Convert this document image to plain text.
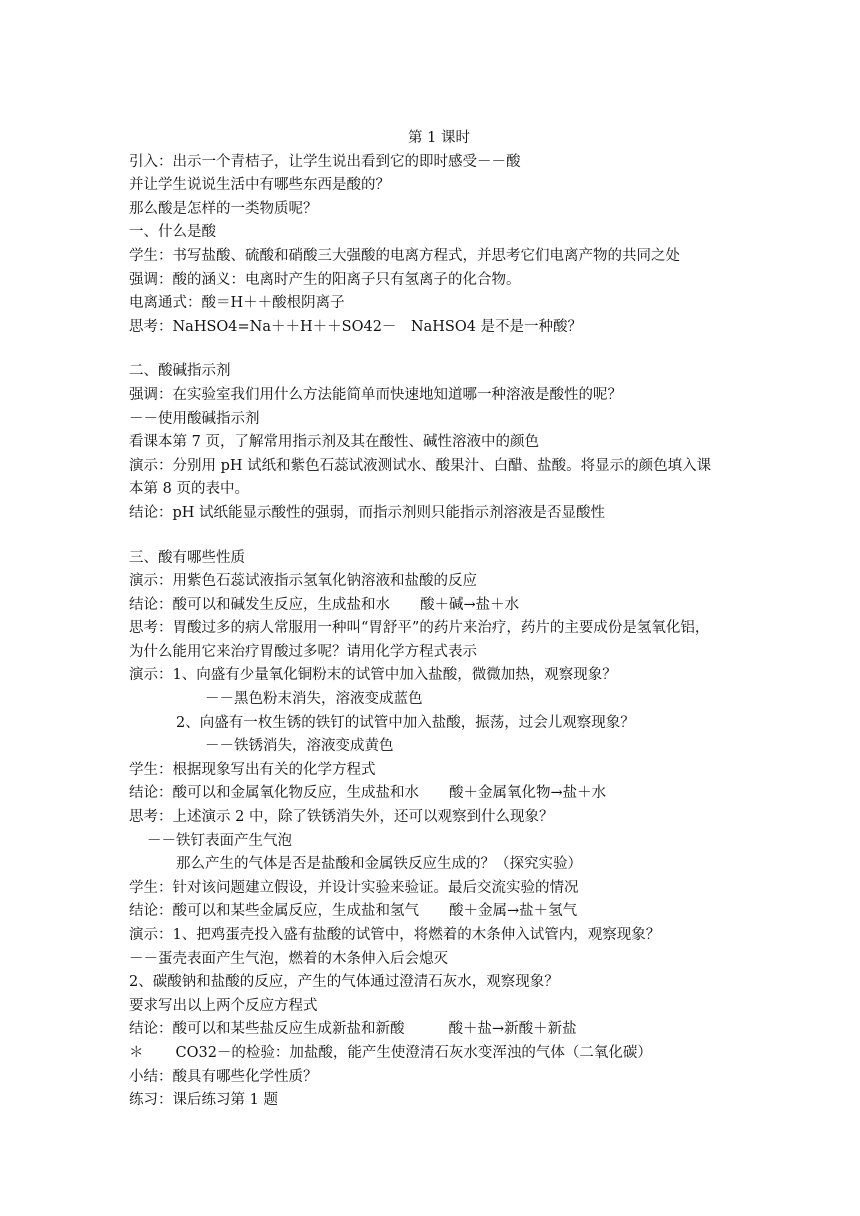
第 1 课时
引入：出示一个青桔子，让学生说出看到它的即时感受－－酸
并让学生说说生活中有哪些东西是酸的？
那么酸是怎样的一类物质呢？
一、什么是酸
学生：书写盐酸、硫酸和硝酸三大强酸的电离方程式，并思考它们电离产物的共同之处
强调：酸的涵义：电离时产生的阳离子只有氢离子的化合物。
电离通式：酸＝H＋＋酸根阴离子
思考：NaHSO4=Na＋＋H＋＋SO42－　NaHSO4 是不是一种酸？
二、酸碱指示剂
强调：在实验室我们用什么方法能简单而快速地知道哪一种溶液是酸性的呢？
－－使用酸碱指示剂
看课本第 7 页，了解常用指示剂及其在酸性、碱性溶液中的颜色
演示：分别用 pH 试纸和紫色石蕊试液测试水、酸果汁、白醋、盐酸。将显示的颜色填入课
本第 8 页的表中。
结论：pH 试纸能显示酸性的强弱，而指示剂则只能指示剂溶液是否显酸性
三、酸有哪些性质
演示：用紫色石蕊试液指示氢氧化钠溶液和盐酸的反应
结论：酸可以和碱发生反应，生成盐和水 酸＋碱→盐＋水
思考：胃酸过多的病人常服用一种叫“胃舒平”的药片来治疗，药片的主要成份是氢氧化铝，
为什么能用它来治疗胃酸过多呢？请用化学方程式表示
演示：1、向盛有少量氧化铜粉末的试管中加入盐酸，微微加热，观察现象？
－－黑色粉末消失，溶液变成蓝色
2、向盛有一枚生锈的铁钉的试管中加入盐酸，振荡，过会儿观察现象？
－－铁锈消失，溶液变成黄色
学生：根据现象写出有关的化学方程式
结论：酸可以和金属氧化物反应，生成盐和水 酸＋金属氧化物→盐＋水
思考：上述演示 2 中，除了铁锈消失外，还可以观察到什么现象？
－－铁钉表面产生气泡
那么产生的气体是否是盐酸和金属铁反应生成的？（探究实验）
学生：针对该问题建立假设，并设计实验来验证。最后交流实验的情况
结论：酸可以和某些金属反应，生成盐和氢气 酸＋金属→盐＋氢气
演示：1、把鸡蛋壳投入盛有盐酸的试管中，将燃着的木条伸入试管内，观察现象？
－－蛋壳表面产生气泡，燃着的木条伸入后会熄灭
2、碳酸钠和盐酸的反应，产生的气体通过澄清石灰水，观察现象？
要求写出以上两个反应方程式
结论：酸可以和某些盐反应生成新盐和新酸	酸＋盐→新酸＋新盐
＊ CO32－的检验：加盐酸，能产生使澄清石灰水变浑浊的气体（二氧化碳）
小结：酸具有哪些化学性质？
练习：课后练习第 1 题
